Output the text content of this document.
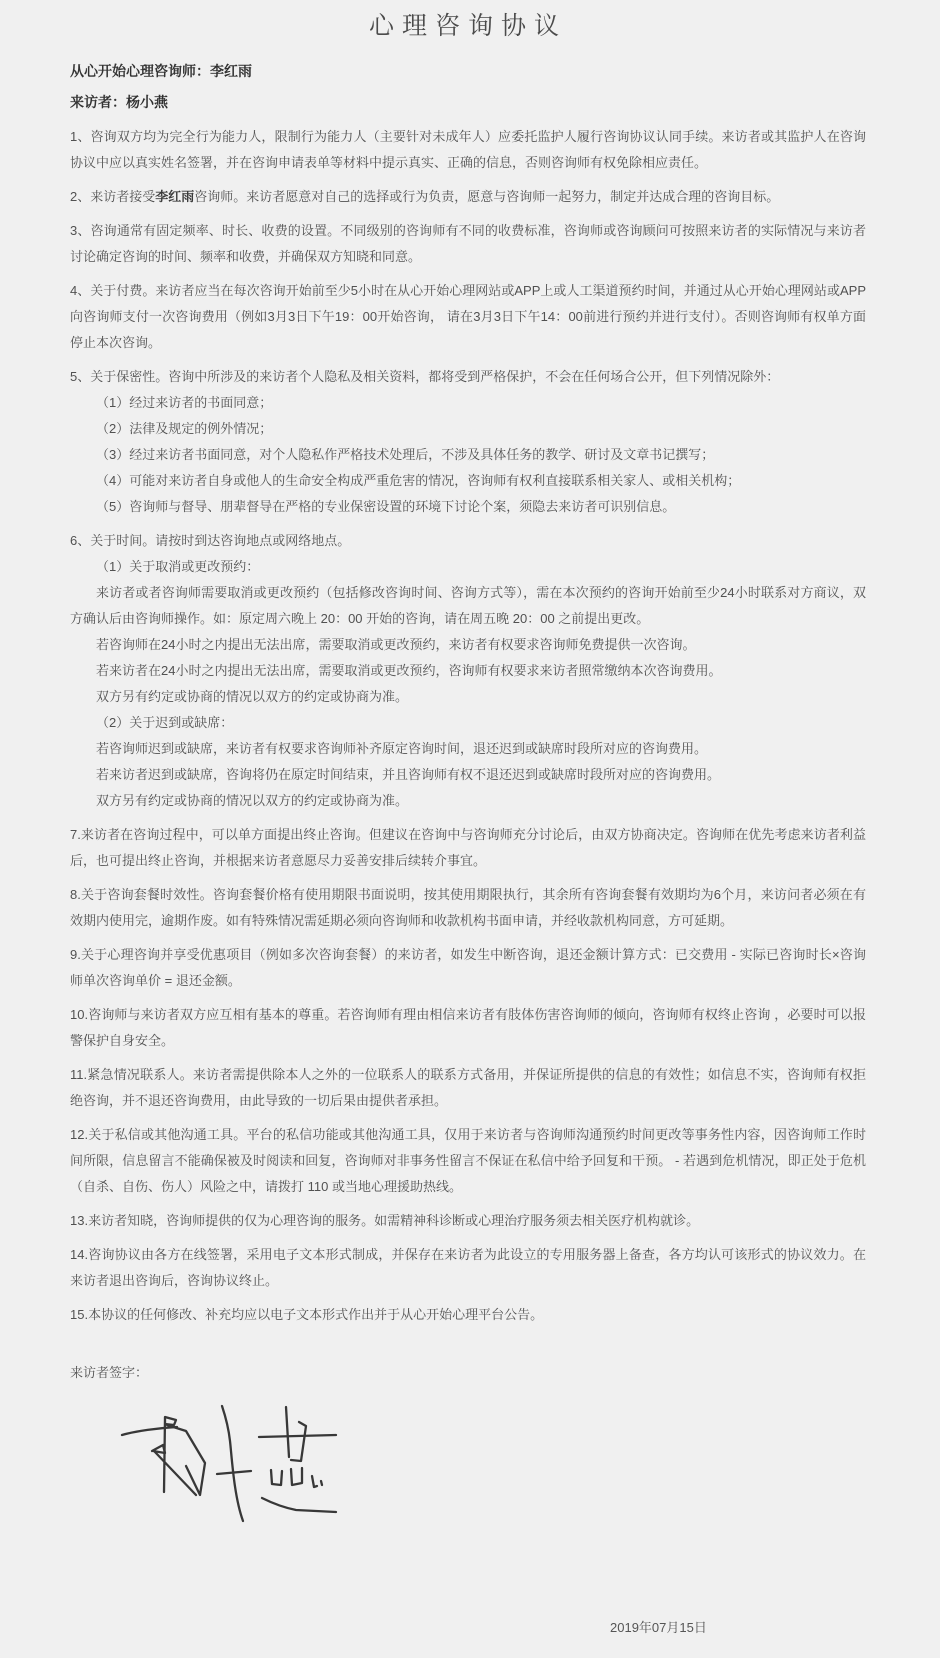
心理咨询协议
从心开始心理咨询师：李红雨
来访者：杨小燕

1、咨询双方均为完全行为能力人，限制行为能力人（主要针对未成年人）应委托监护人履行咨询协议认同手续。来访者或其监护人在咨询协议中应以真实姓名签署，并在咨询申请表单等材料中提示真实、正确的信息，否则咨询师有权免除相应责任。

2、来访者接受李红雨咨询师。来访者愿意对自己的选择或行为负责，愿意与咨询师一起努力，制定并达成合理的咨询目标。

3、咨询通常有固定频率、时长、收费的设置。不同级别的咨询师有不同的收费标准，咨询师或咨询顾问可按照来访者的实际情况与来访者讨论确定咨询的时间、频率和收费，并确保双方知晓和同意。

4、关于付费。来访者应当在每次咨询开始前至少5小时在从心开始心理网站或APP上或人工渠道预约时间，并通过从心开始心理网站或APP向咨询师支付一次咨询费用（例如3月3日下午19：00开始咨询， 请在3月3日下午14：00前进行预约并进行支付）。否则咨询师有权单方面停止本次咨询。

5、关于保密性。咨询中所涉及的来访者个人隐私及相关资料，都将受到严格保护，不会在任何场合公开，但下列情况除外：
（1）经过来访者的书面同意；
（2）法律及规定的例外情况；
（3）经过来访者书面同意，对个人隐私作严格技术处理后，不涉及具体任务的教学、研讨及文章书记撰写；
（4）可能对来访者自身或他人的生命安全构成严重危害的情况，咨询师有权利直接联系相关家人、或相关机构；
（5）咨询师与督导、朋辈督导在严格的专业保密设置的环境下讨论个案，须隐去来访者可识别信息。
6、关于时间。请按时到达咨询地点或网络地点。
（1）关于取消或更改预约：
来访者或者咨询师需要取消或更改预约（包括修改咨询时间、咨询方式等），需在本次预约的咨询开始前至少24小时联系对方商议，双方确认后由咨询师操作。如：原定周六晚上 20：00 开始的咨询，请在周五晚 20：00 之前提出更改。
若咨询师在24小时之内提出无法出席，需要取消或更改预约，来访者有权要求咨询师免费提供一次咨询。
若来访者在24小时之内提出无法出席，需要取消或更改预约，咨询师有权要求来访者照常缴纳本次咨询费用。
双方另有约定或协商的情况以双方的约定或协商为准。
（2）关于迟到或缺席：
若咨询师迟到或缺席，来访者有权要求咨询师补齐原定咨询时间，退还迟到或缺席时段所对应的咨询费用。
若来访者迟到或缺席，咨询将仍在原定时间结束，并且咨询师有权不退还迟到或缺席时段所对应的咨询费用。
双方另有约定或协商的情况以双方的约定或协商为准。

7.来访者在咨询过程中，可以单方面提出终止咨询。但建议在咨询中与咨询师充分讨论后，由双方协商决定。咨询师在优先考虑来访者利益后，也可提出终止咨询，并根据来访者意愿尽力妥善安排后续转介事宜。

8.关于咨询套餐时效性。咨询套餐价格有使用期限书面说明，按其使用期限执行，其余所有咨询套餐有效期均为6个月，来访问者必须在有效期内使用完，逾期作废。如有特殊情况需延期必须向咨询师和收款机构书面申请，并经收款机构同意，方可延期。

9.关于心理咨询并享受优惠项目（例如多次咨询套餐）的来访者，如发生中断咨询，退还金额计算方式：已交费用 - 实际已咨询时长×咨询师单次咨询单价 = 退还金额。

10.咨询师与来访者双方应互相有基本的尊重。若咨询师有理由相信来访者有肢体伤害咨询师的倾向，咨询师有权终止咨询 ，必要时可以报警保护自身安全。

11.紧急情况联系人。来访者需提供除本人之外的一位联系人的联系方式备用，并保证所提供的信息的有效性；如信息不实，咨询师有权拒绝咨询，并不退还咨询费用，由此导致的一切后果由提供者承担。

12.关于私信或其他沟通工具。平台的私信功能或其他沟通工具，仅用于来访者与咨询师沟通预约时间更改等事务性内容，因咨询师工作时间所限，信息留言不能确保被及时阅读和回复，咨询师对非事务性留言不保证在私信中给予回复和干预。 - 若遇到危机情况，即正处于危机（自杀、自伤、伤人）风险之中，请拨打 110 或当地心理援助热线。

13.来访者知晓，咨询师提供的仅为心理咨询的服务。如需精神科诊断或心理治疗服务须去相关医疗机构就诊。

14.咨询协议由各方在线签署，采用电子文本形式制成，并保存在来访者为此设立的专用服务器上备查，各方均认可该形式的协议效力。在来访者退出咨询后，咨询协议终止。

15.本协议的任何修改、补充均应以电子文本形式作出并于从心开始心理平台公告。

来访者签字：
2019年07月15日
